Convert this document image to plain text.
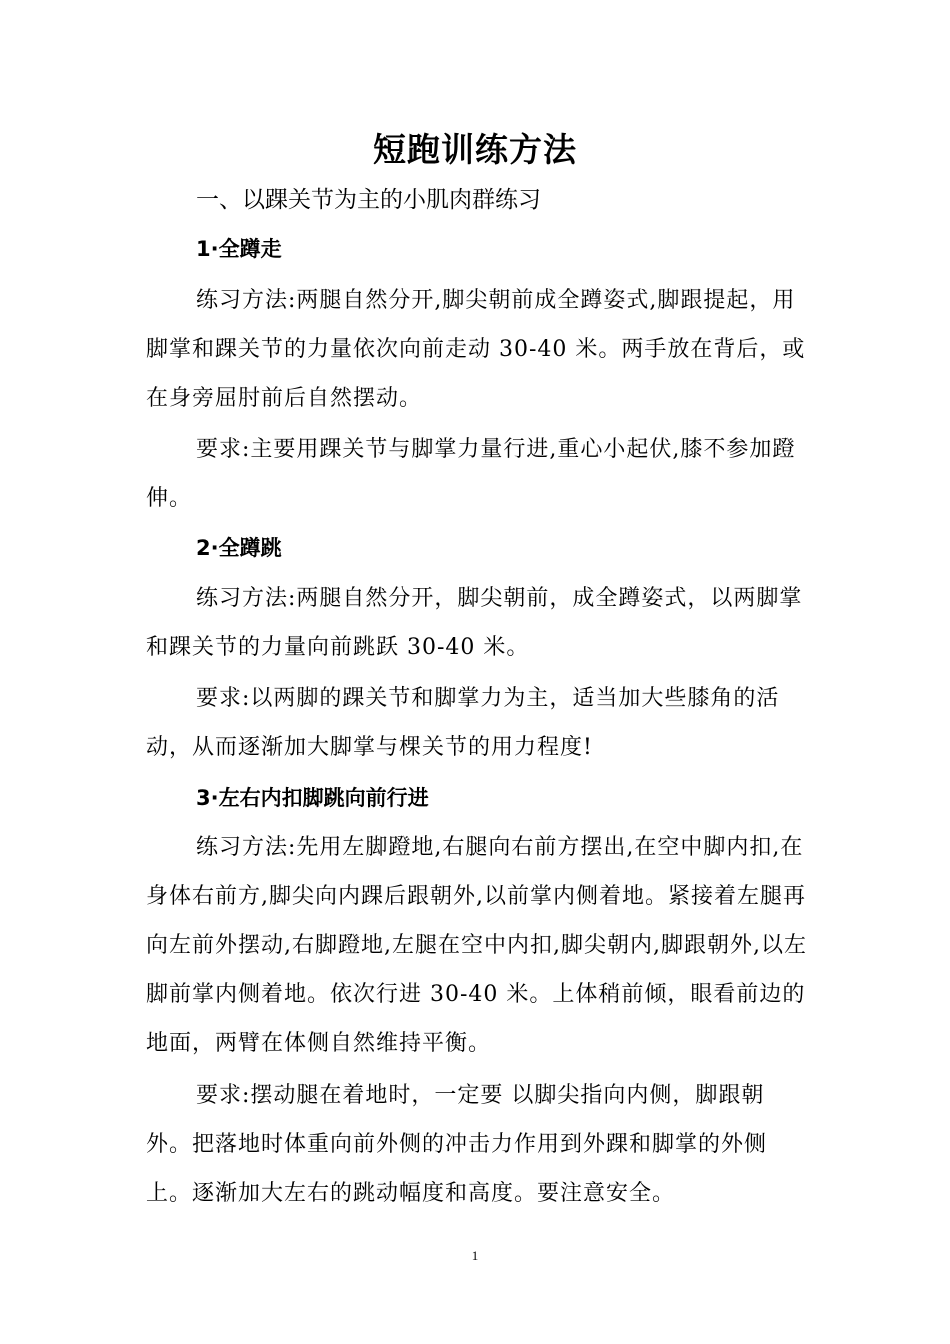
短跑训练方法
一、以踝关节为主的小肌肉群练习
1·全蹲走

练习方法:两腿自然分开,脚尖朝前成全蹲姿式,脚跟提起，用脚掌和踝关节的力量依次向前走动 30-40 米。两手放在背后，或在身旁屈肘前后自然摆动。

要求:主要用踝关节与脚掌力量行进,重心小起伏,膝不参加蹬伸。

2·全蹲跳

练习方法:两腿自然分开，脚尖朝前，成全蹲姿式，以两脚掌和踝关节的力量向前跳跃 30-40 米。

要求:以两脚的踝关节和脚掌力为主，适当加大些膝角的活动，从而逐渐加大脚掌与棵关节的用力程度!

3·左右内扣脚跳向前行进

练习方法:先用左脚蹬地,右腿向右前方摆出,在空中脚内扣,在身体右前方,脚尖向内踝后跟朝外,以前掌内侧着地。紧接着左腿再向左前外摆动,右脚蹬地,左腿在空中内扣,脚尖朝内,脚跟朝外,以左脚前掌内侧着地。依次行进 30-40 米。上体稍前倾，眼看前边的地面，两臂在体侧自然维持平衡。

要求:摆动腿在着地时，一定要 以脚尖指向内侧，脚跟朝外。把落地时体重向前外侧的冲击力作用到外踝和脚掌的外侧上。逐渐加大左右的跳动幅度和高度。要注意安全。

1
